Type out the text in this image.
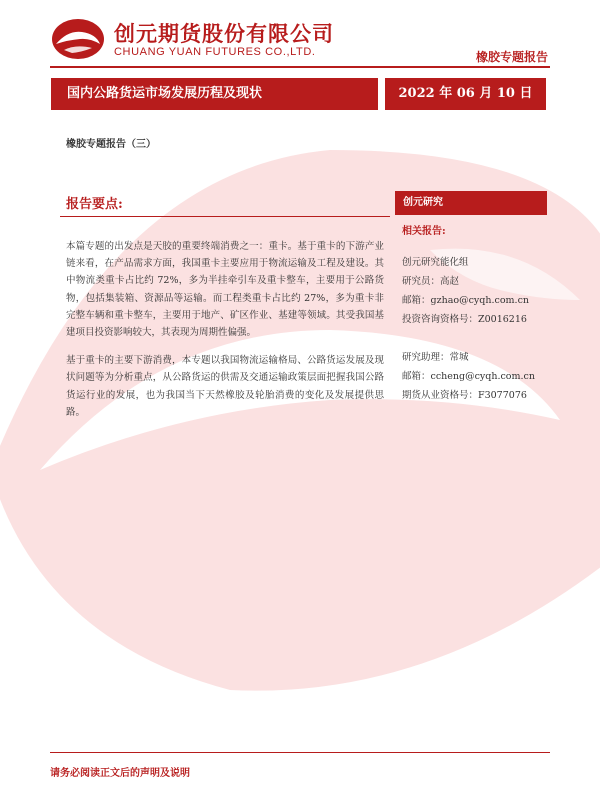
创元期货股份有限公司
CHUANG YUAN FUTURES CO.,LTD.	橡胶专题报告
国内公路货运市场发展历程及现状	2022 年 06 月 10 日
橡胶专题报告（三）
报告要点:

本篇专题的出发点是天胶的重要终端消费之一：重卡。基于重卡的下游产业链来看，在产品需求方面，我国重卡主要应用于物流运输及工程及建设。其中物流类重卡占比约 72%，多为半挂牵引车及重卡整车，主要用于公路货物，包括集装箱、资源品等运输。而工程类重卡占比约 27%，多为重卡非完整车辆和重卡整车，主要用于地产、矿区作业、基建等领域。其受我国基建项目投资影响较大，其表现为周期性偏强。

基于重卡的主要下游消费，本专题以我国物流运输格局、公路货运发展及现状问题等为分析重点，从公路货运的供需及交通运输政策层面把握我国公路货运行业的发展，也为我国当下天然橡胶及轮胎消费的变化及发展提供思路。

创元研究
相关报告:
创元研究能化组
研究员：高赵
邮箱：gzhao@cyqh.com.cn
投资咨询资格号：Z0016216
研究助理：常城
邮箱：ccheng@cyqh.com.cn
期货从业资格号：F3077076
请务必阅读正文后的声明及说明
